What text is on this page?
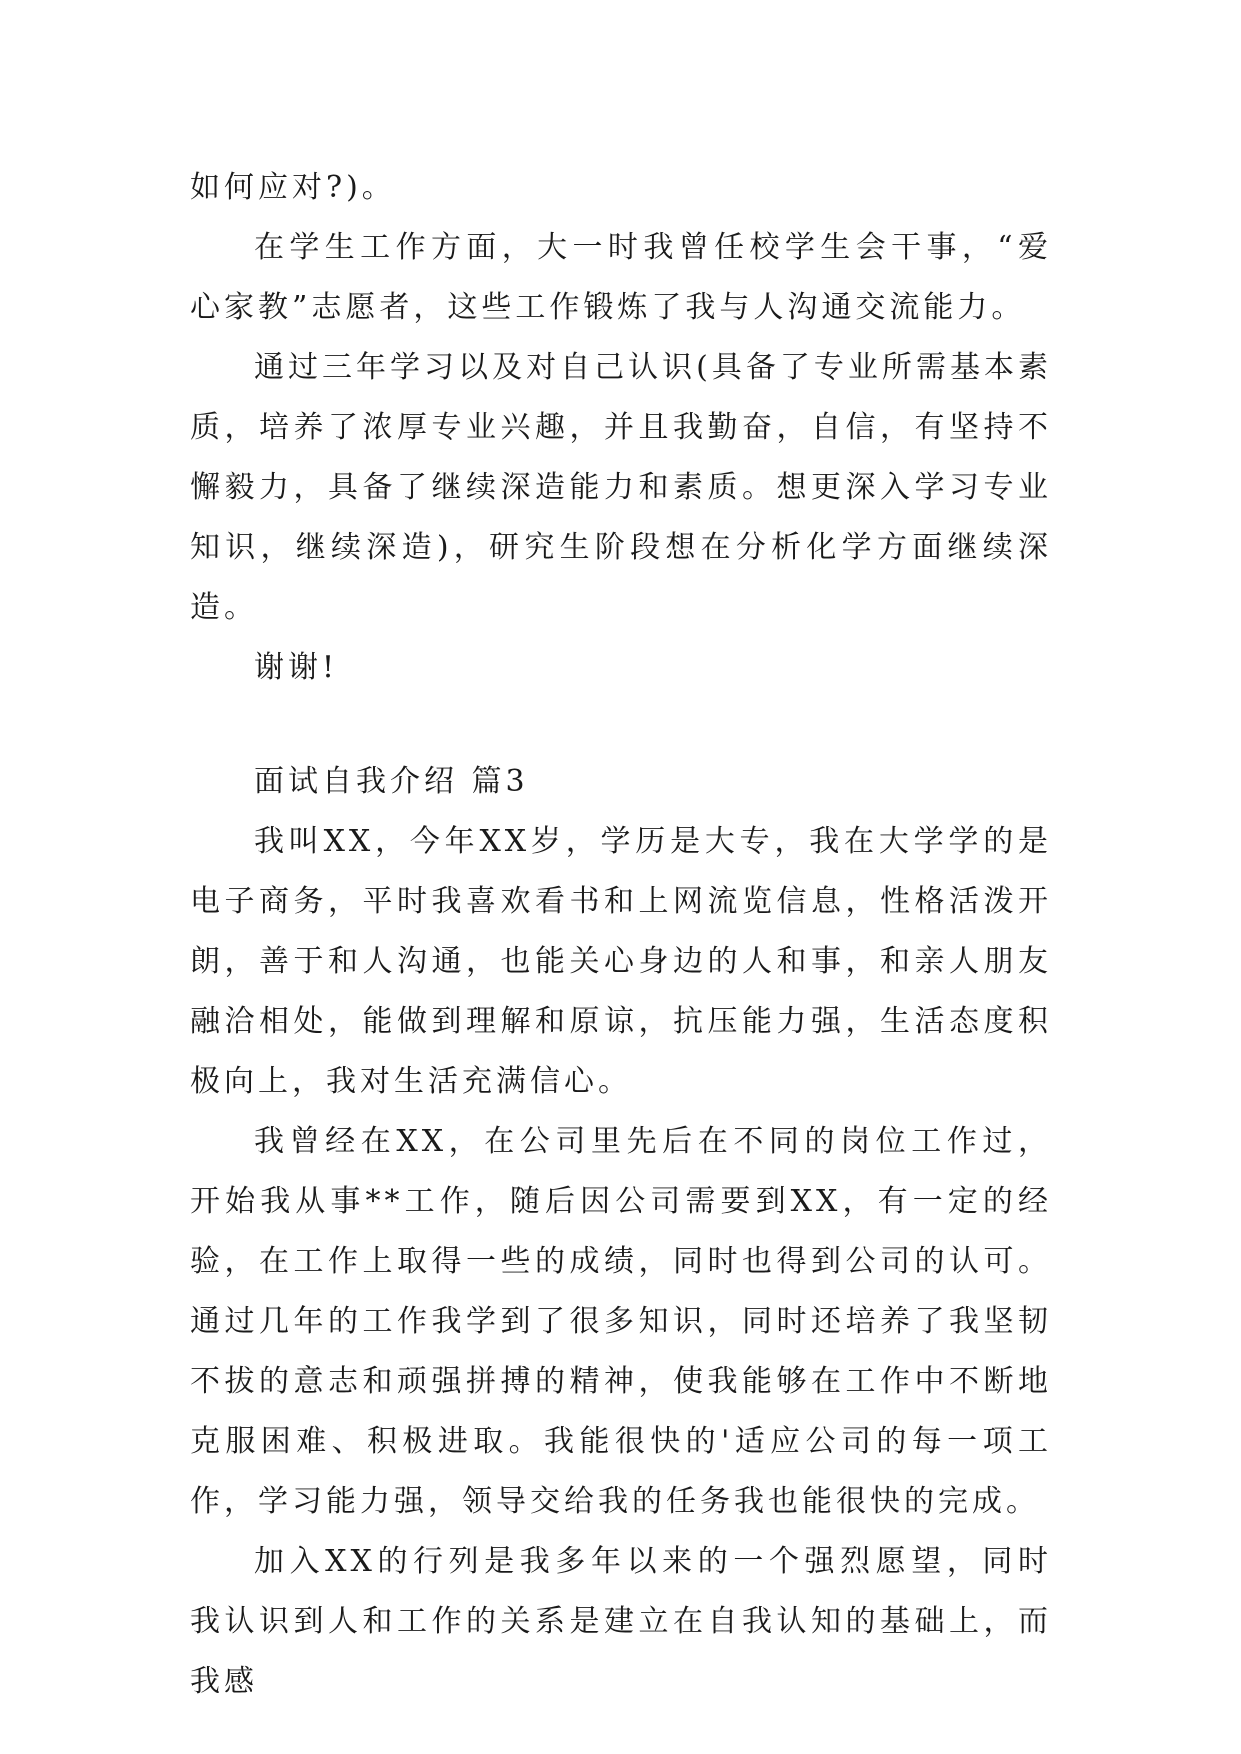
如何应对?)。

在学生工作方面，大一时我曾任校学生会干事，“爱心家教”志愿者，这些工作锻炼了我与人沟通交流能力。

通过三年学习以及对自己认识(具备了专业所需基本素质，培养了浓厚专业兴趣，并且我勤奋，自信，有坚持不懈毅力，具备了继续深造能力和素质。想更深入学习专业知识，继续深造)，研究生阶段想在分析化学方面继续深造。

谢谢!

面试自我介绍 篇3

我叫XX，今年XX岁，学历是大专，我在大学学的是电子商务，平时我喜欢看书和上网流览信息，性格活泼开朗，善于和人沟通，也能关心身边的人和事，和亲人朋友融洽相处，能做到理解和原谅，抗压能力强，生活态度积极向上，我对生活充满信心。

我曾经在XX，在公司里先后在不同的岗位工作过，开始我从事**工作，随后因公司需要到XX，有一定的经验，在工作上取得一些的成绩，同时也得到公司的认可。通过几年的工作我学到了很多知识，同时还培养了我坚韧不拔的意志和顽强拼搏的精神，使我能够在工作中不断地克服困难、积极进取。我能很快的'适应公司的每一项工作，学习能力强，领导交给我的任务我也能很快的完成。

加入XX的行列是我多年以来的一个强烈愿望，同时我认识到人和工作的关系是建立在自我认知的基础上，而我感
